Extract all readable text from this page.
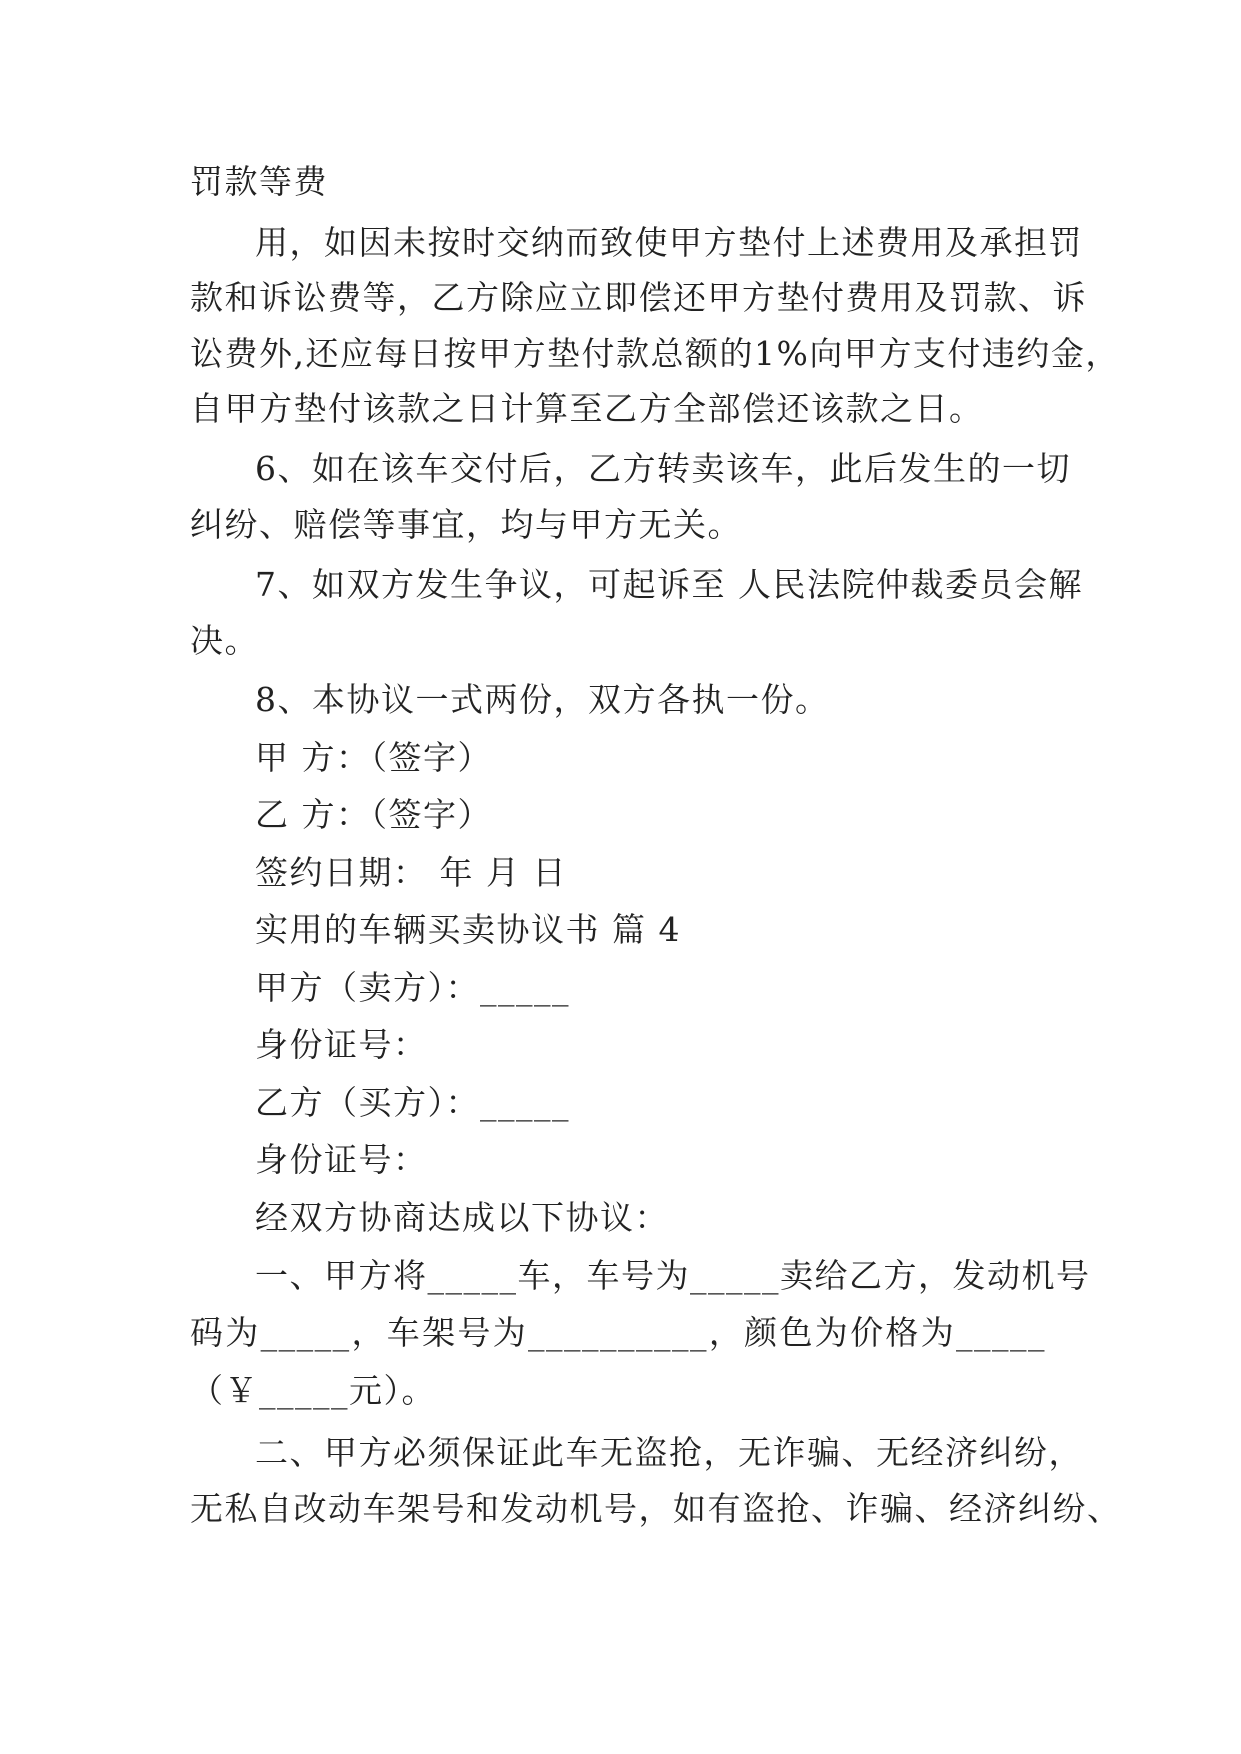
罚款等费
用，如因未按时交纳而致使甲方垫付上述费用及承担罚
款和诉讼费等，乙方除应立即偿还甲方垫付费用及罚款、诉
讼费外,还应每日按甲方垫付款总额的1%向甲方支付违约金，
自甲方垫付该款之日计算至乙方全部偿还该款之日。
6、如在该车交付后，乙方转卖该车，此后发生的一切
纠纷、赔偿等事宜，均与甲方无关。
7、如双方发生争议，可起诉至 人民法院仲裁委员会解
决。
8、本协议一式两份，双方各执一份。
甲 方：（签字）
乙 方：（签字）
签约日期： 年 月 日
实用的车辆买卖协议书 篇 4
甲方（卖方）：_____
身份证号：
乙方（买方）：_____
身份证号：
经双方协商达成以下协议：
一、甲方将_____车，车号为_____卖给乙方，发动机号
码为_____，车架号为__________，颜色为价格为_____
（￥_____元）。
二、甲方必须保证此车无盗抢，无诈骗、无经济纠纷，
无私自改动车架号和发动机号，如有盗抢、诈骗、经济纠纷、
